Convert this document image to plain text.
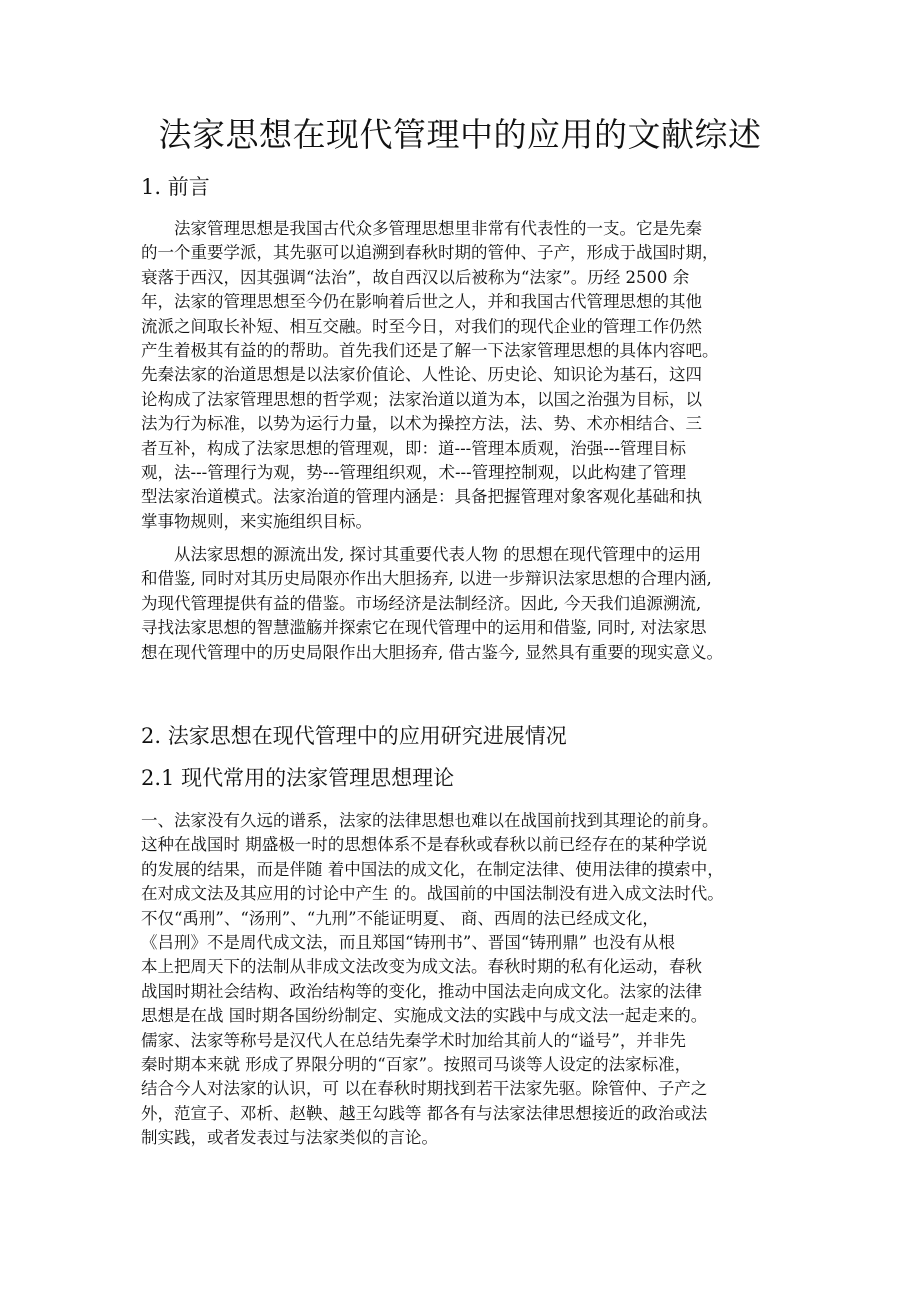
法家思想在现代管理中的应用的文献综述
1. 前言
法家管理思想是我国古代众多管理思想里非常有代表性的一支。它是先秦
的一个重要学派，其先驱可以追溯到春秋时期的管仲、子产，形成于战国时期，
衰落于西汉，因其强调“法治”，故自西汉以后被称为“法家”。历经 2500 余
年，法家的管理思想至今仍在影响着后世之人，并和我国古代管理思想的其他
流派之间取长补短、相互交融。时至今日，对我们的现代企业的管理工作仍然
产生着极其有益的的帮助。首先我们还是了解一下法家管理思想的具体内容吧。
先秦法家的治道思想是以法家价值论、人性论、历史论、知识论为基石，这四
论构成了法家管理思想的哲学观；法家治道以道为本，以国之治强为目标，以
法为行为标准，以势为运行力量，以术为操控方法，法、势、术亦相结合、三
者互补，构成了法家思想的管理观，即：道---管理本质观，治强---管理目标
观，法---管理行为观，势---管理组织观，术---管理控制观，以此构建了管理
型法家治道模式。法家治道的管理内涵是：具备把握管理对象客观化基础和执
掌事物规则，来实施组织目标。
从法家思想的源流出发, 探讨其重要代表人物 的思想在现代管理中的运用
和借鉴, 同时对其历史局限亦作出大胆扬弃, 以进一步辩识法家思想的合理内涵,
为现代管理提供有益的借鉴。市场经济是法制经济。因此, 今天我们追源溯流,
寻找法家思想的智慧滥觞并探索它在现代管理中的运用和借鉴, 同时, 对法家思
想在现代管理中的历史局限作出大胆扬弃, 借古鉴今, 显然具有重要的现实意义。
2. 法家思想在现代管理中的应用研究进展情况
2.1 现代常用的法家管理思想理论
一、法家没有久远的谱系，法家的法律思想也难以在战国前找到其理论的前身。
这种在战国时 期盛极一时的思想体系不是春秋或春秋以前已经存在的某种学说
的发展的结果，而是伴随 着中国法的成文化，在制定法律、使用法律的摸索中，
在对成文法及其应用的讨论中产生 的。战国前的中国法制没有进入成文法时代。
不仅“禹刑”、“汤刑”、“九刑”不能证明夏、 商、西周的法已经成文化，
《吕刑》不是周代成文法，而且郑国“铸刑书”、晋国“铸刑鼎” 也没有从根
本上把周天下的法制从非成文法改变为成文法。春秋时期的私有化运动，春秋
战国时期社会结构、政治结构等的变化，推动中国法走向成文化。法家的法律
思想是在战 国时期各国纷纷制定、实施成文法的实践中与成文法一起走来的。
儒家、法家等称号是汉代人在总结先秦学术时加给其前人的“谥号”，并非先
秦时期本来就 形成了界限分明的“百家”。按照司马谈等人设定的法家标准，
结合今人对法家的认识，可 以在春秋时期找到若干法家先驱。除管仲、子产之
外，范宣子、邓析、赵鞅、越王勾践等 都各有与法家法律思想接近的政治或法
制实践，或者发表过与法家类似的言论。
